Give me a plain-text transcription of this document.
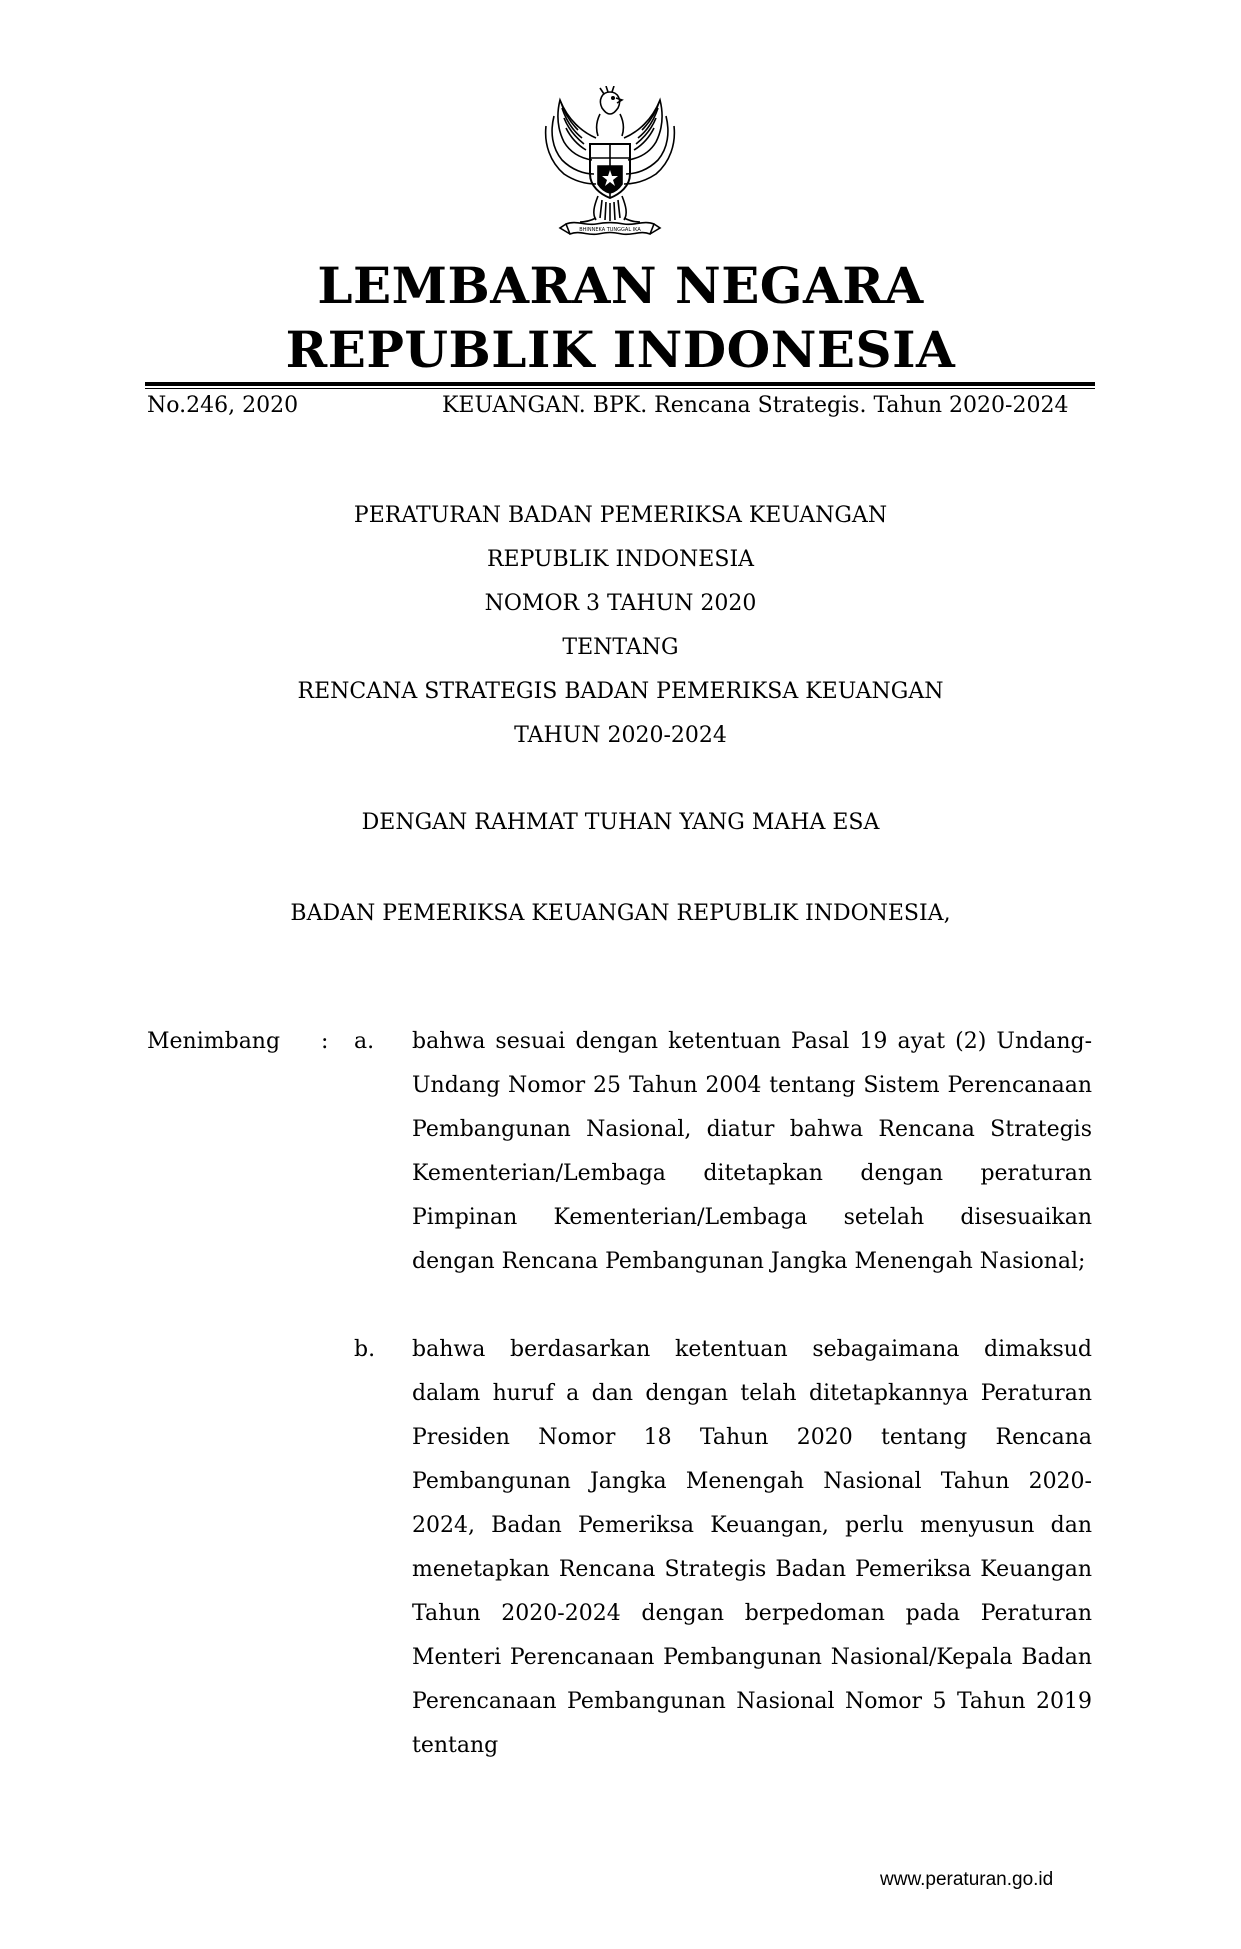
BHINNEKA TUNGGAL IKA
LEMBARAN NEGARA
REPUBLIK INDONESIA
No.246, 2020	KEUANGAN. BPK. Rencana Strategis. Tahun 2020-2024
PERATURAN BADAN PEMERIKSA KEUANGAN
REPUBLIK INDONESIA
NOMOR 3 TAHUN 2020
TENTANG
RENCANA STRATEGIS BADAN PEMERIKSA KEUANGAN
TAHUN 2020-2024
DENGAN RAHMAT TUHAN YANG MAHA ESA
BADAN PEMERIKSA KEUANGAN REPUBLIK INDONESIA,
Menimbang : a. bahwa sesuai dengan ketentuan Pasal 19 ayat (2) Undang-Undang Nomor 25 Tahun 2004 tentang Sistem Perencanaan Pembangunan Nasional, diatur bahwa Rencana Strategis Kementerian/Lembaga ditetapkan dengan peraturan Pimpinan Kementerian/Lembaga setelah disesuaikan dengan Rencana Pembangunan Jangka Menengah Nasional;
b. bahwa berdasarkan ketentuan sebagaimana dimaksud dalam huruf a dan dengan telah ditetapkannya Peraturan Presiden Nomor 18 Tahun 2020 tentang Rencana Pembangunan Jangka Menengah Nasional Tahun 2020-2024, Badan Pemeriksa Keuangan, perlu menyusun dan menetapkan Rencana Strategis Badan Pemeriksa Keuangan Tahun 2020-2024 dengan berpedoman pada Peraturan Menteri Perencanaan Pembangunan Nasional/Kepala Badan Perencanaan Pembangunan Nasional Nomor 5 Tahun 2019 tentang
www.peraturan.go.id
